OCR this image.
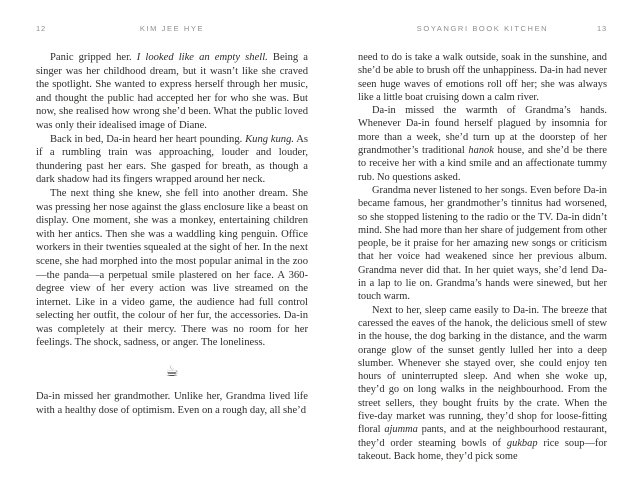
12	KIM JEE HYE

Panic gripped her. I looked like an empty shell. Being a singer was her childhood dream, but it wasn’t like she craved the spotlight. She wanted to express herself through her music, and thought the public had accepted her for who she was. But now, she realised how wrong she’d been. What the public loved was only their idealised image of Diane.

Back in bed, Da-in heard her heart pounding. Kung kung. As if a rumbling train was approaching, louder and louder, thundering past her ears. She gasped for breath, as though a dark shadow had its fingers wrapped around her neck.

The next thing she knew, she fell into another dream. She was pressing her nose against the glass enclosure like a beast on display. One moment, she was a monkey, entertaining children with her antics. Then she was a waddling king penguin. Office workers in their twenties squealed at the sight of her. In the next scene, she had morphed into the most popular animal in the zoo—the panda—a perpetual smile plastered on her face. A 360-degree view of her every action was live streamed on the internet. Like in a video game, the audience had full control selecting her outfit, the colour of her fur, the accessories. Da-in was completely at their mercy. There was no room for her feelings. The shock, sadness, or anger. The loneliness.

☕

Da-in missed her grandmother. Unlike her, Grandma lived life with a healthy dose of optimism. Even on a rough day, all she’d

SOYANGRI BOOK KITCHEN	13

need to do is take a walk outside, soak in the sunshine, and she’d be able to brush off the unhappiness. Da-in had never seen huge waves of emotions roll off her; she was always like a little boat cruising down a calm river.

Da-in missed the warmth of Grandma’s hands. Whenever Da-in found herself plagued by insomnia for more than a week, she’d turn up at the doorstep of her grandmother’s traditional hanok house, and she’d be there to receive her with a kind smile and an affectionate tummy rub. No questions asked.

Grandma never listened to her songs. Even before Da-in became famous, her grandmother’s tinnitus had worsened, so she stopped listening to the radio or the TV. Da-in didn’t mind. She had more than her share of judgement from other people, be it praise for her amazing new songs or criticism that her voice had weakened since her previous album. Grandma never did that. In her quiet ways, she’d lend Da-in a lap to lie on. Grandma’s hands were sinewed, but her touch warm.

Next to her, sleep came easily to Da-in. The breeze that caressed the eaves of the hanok, the delicious smell of stew in the house, the dog barking in the distance, and the warm orange glow of the sunset gently lulled her into a deep slumber. Whenever she stayed over, she could enjoy ten hours of uninterrupted sleep. And when she woke up, they’d go on long walks in the neighbourhood. From the street sellers, they bought fruits by the crate. When the five-day market was running, they’d shop for loose-fitting floral ajumma pants, and at the neighbourhood restaurant, they’d order steaming bowls of gukbap rice soup—for takeout. Back home, they’d pick some
